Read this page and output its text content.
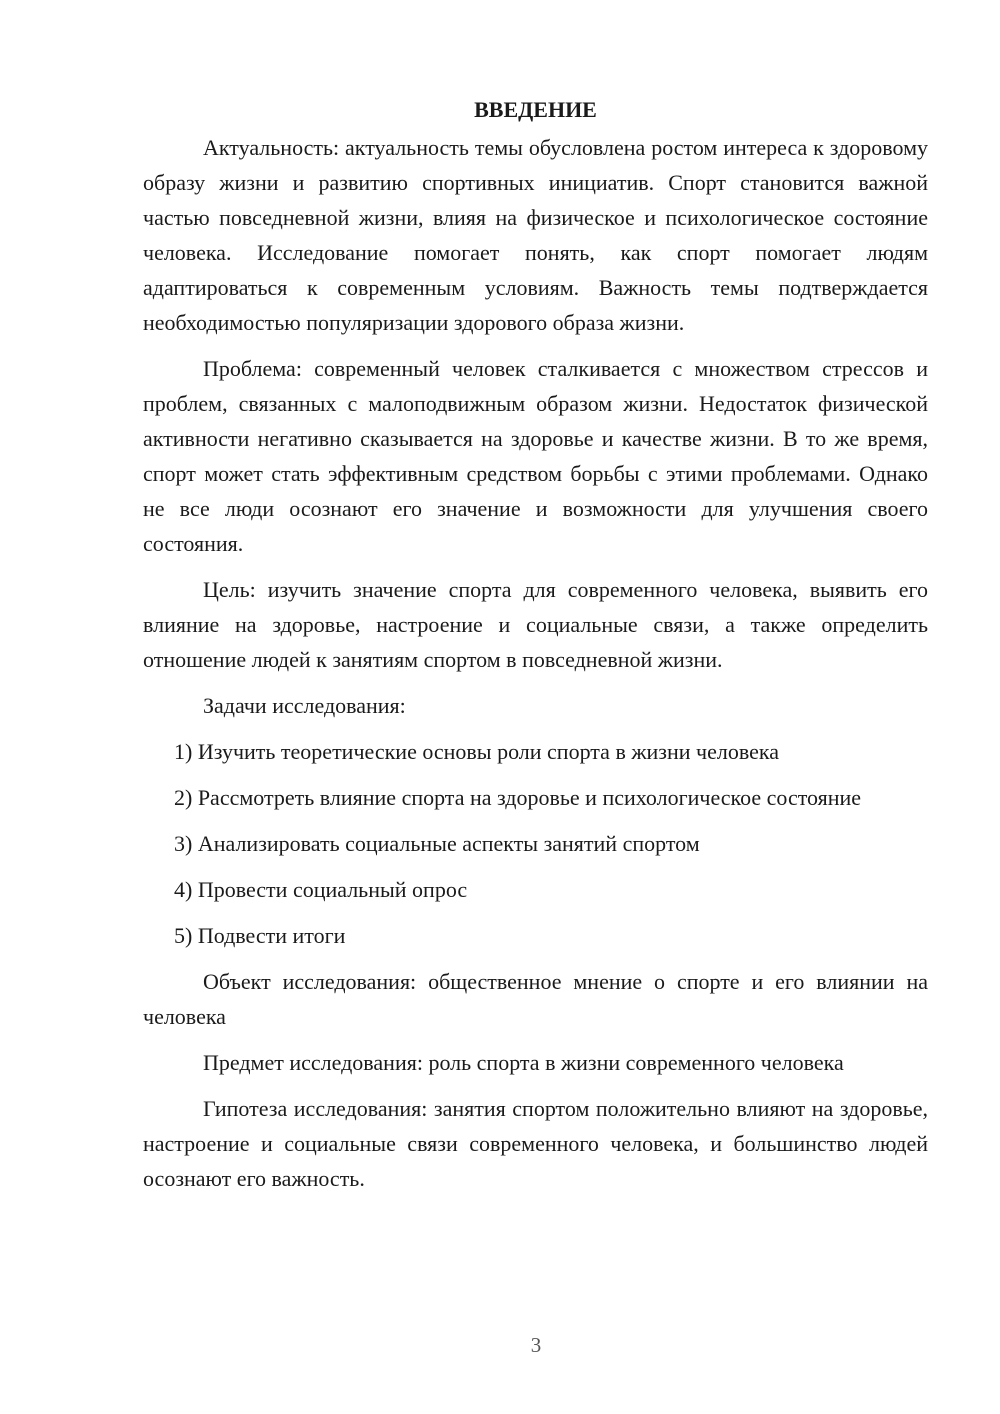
ВВЕДЕНИЕ

Актуальность: актуальность темы обусловлена ростом интереса к здоровому образу жизни и развитию спортивных инициатив. Спорт становится важной частью повседневной жизни, влияя на физическое и психологическое состояние человека. Исследование помогает понять, как спорт помогает людям адаптироваться к современным условиям. Важность темы подтверждается необходимостью популяризации здорового образа жизни.

Проблема: современный человек сталкивается с множеством стрессов и проблем, связанных с малоподвижным образом жизни. Недостаток физической активности негативно сказывается на здоровье и качестве жизни. В то же время, спорт может стать эффективным средством борьбы с этими проблемами. Однако не все люди осознают его значение и возможности для улучшения своего состояния.

Цель: изучить значение спорта для современного человека, выявить его влияние на здоровье, настроение и социальные связи, а также определить отношение людей к занятиям спортом в повседневной жизни.

Задачи исследования:

1) Изучить теоретические основы роли спорта в жизни человека

2) Рассмотреть влияние спорта на здоровье и психологическое состояние

3) Анализировать социальные аспекты занятий спортом

4) Провести социальный опрос

5) Подвести итоги

Объект исследования: общественное мнение о спорте и его влиянии на человека

Предмет исследования: роль спорта в жизни современного человека

Гипотеза исследования: занятия спортом положительно влияют на здоровье, настроение и социальные связи современного человека, и большинство людей осознают его важность.

3
